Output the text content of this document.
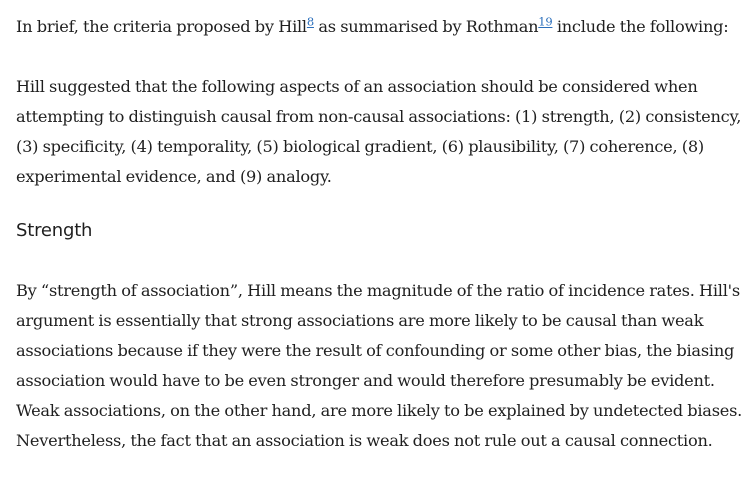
In brief, the criteria proposed by Hill$^8$ as summarised by Rothman$^{19}$ include the following:

Hill suggested that the following aspects of an association should be considered when attempting to distinguish causal from non-causal associations: (1) strength, (2) consistency, (3) specificity, (4) temporality, (5) biological gradient, (6) plausibility, (7) coherence, (8) experimental evidence, and (9) analogy.

Strength

By “strength of association”, Hill means the magnitude of the ratio of incidence rates. Hill's argument is essentially that strong associations are more likely to be causal than weak associations because if they were the result of confounding or some other bias, the biasing association would have to be even stronger and would therefore presumably be evident. Weak associations, on the other hand, are more likely to be explained by undetected biases. Nevertheless, the fact that an association is weak does not rule out a causal connection.
